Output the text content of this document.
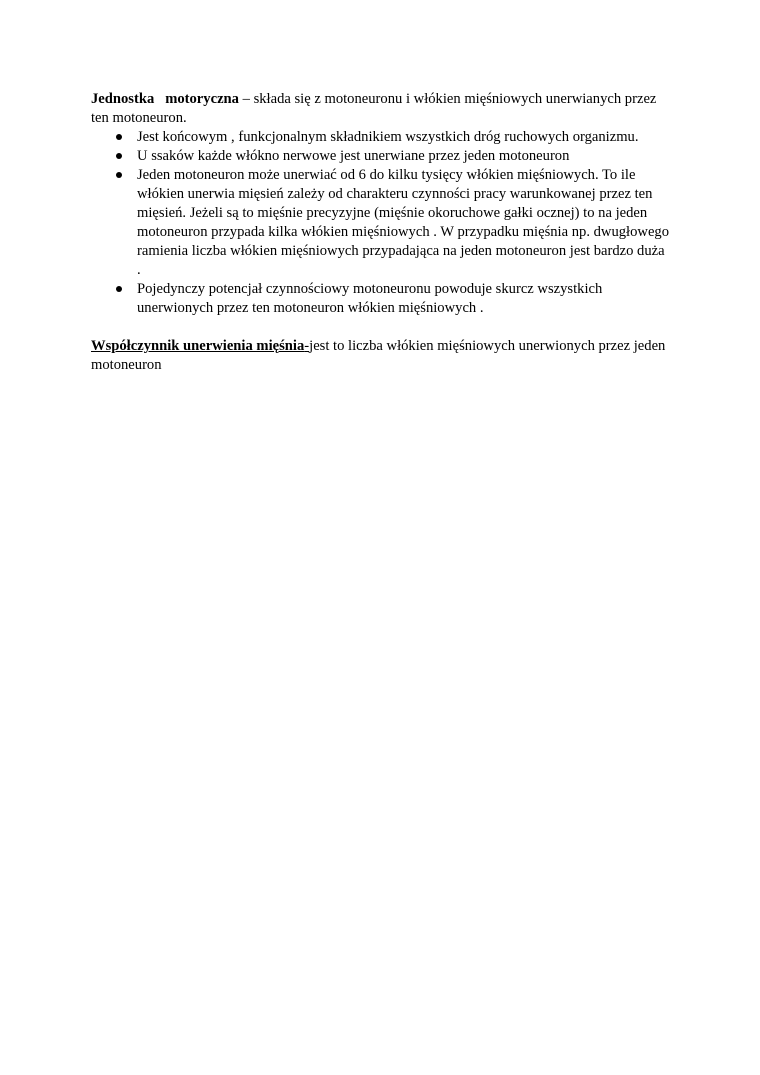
Jednostka   motoryczna – składa się z motoneuronu i włókien mięśniowych unerwianych przez ten motoneuron.

Jest końcowym , funkcjonalnym składnikiem wszystkich dróg ruchowych organizmu.
U ssaków każde włókno nerwowe jest unerwiane przez jeden motoneuron
Jeden motoneuron może unerwiać od 6 do kilku tysięcy włókien mięśniowych. To ile włókien unerwia mięsień zależy od charakteru czynności pracy warunkowanej przez ten mięsień. Jeżeli są to mięśnie precyzyjne (mięśnie okoruchowe gałki ocznej) to na jeden motoneuron przypada kilka włókien mięśniowych . W przypadku mięśnia np. dwugłowego ramienia liczba włókien mięśniowych przypadająca na jeden motoneuron jest bardzo duża .
Pojedynczy potencjał czynnościowy motoneuronu powoduje skurcz wszystkich unerwionych przez ten motoneuron włókien mięśniowych .

Współczynnik unerwienia mięśnia-jest to liczba włókien mięśniowych unerwionych przez jeden motoneuron
